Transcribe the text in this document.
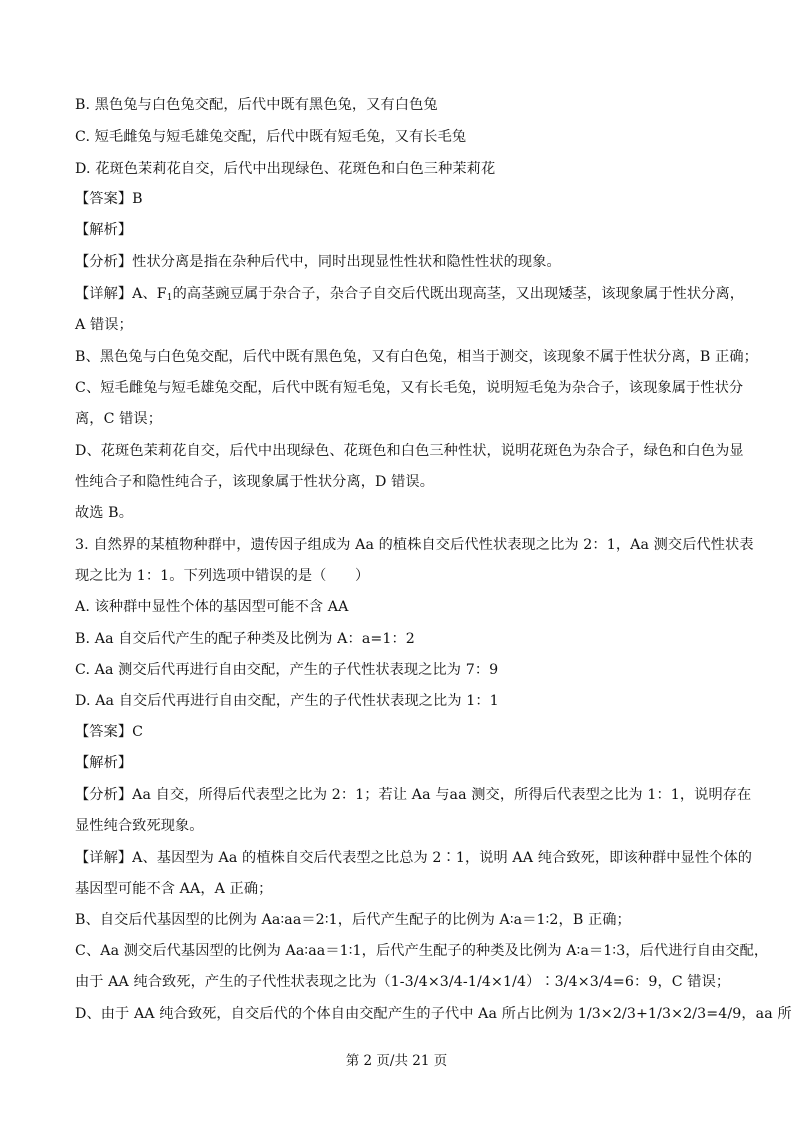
B. 黑色兔与白色兔交配，后代中既有黑色兔，又有白色兔
C. 短毛雌兔与短毛雄兔交配，后代中既有短毛兔，又有长毛兔
D. 花斑色茉莉花自交，后代中出现绿色、花斑色和白色三种茉莉花
【答案】B
【解析】
【分析】性状分离是指在杂种后代中，同时出现显性性状和隐性性状的现象。
【详解】A、$F_1$的高茎豌豆属于杂合子，杂合子自交后代既出现高茎，又出现矮茎，该现象属于性状分离，
A 错误；
B、黑色兔与白色兔交配，后代中既有黑色兔，又有白色兔，相当于测交，该现象不属于性状分离，B 正确；
C、短毛雌兔与短毛雄兔交配，后代中既有短毛兔，又有长毛兔，说明短毛兔为杂合子，该现象属于性状分
离，C 错误；
D、花斑色茉莉花自交，后代中出现绿色、花斑色和白色三种性状，说明花斑色为杂合子，绿色和白色为显
性纯合子和隐性纯合子，该现象属于性状分离，D 错误。
故选 B。
3. 自然界的某植物种群中，遗传因子组成为 Aa 的植株自交后代性状表现之比为 2：1，Aa 测交后代性状表
现之比为 1：1。下列选项中错误的是（　　）
A. 该种群中显性个体的基因型可能不含 AA
B. Aa 自交后代产生的配子种类及比例为 A：a=1：2
C. Aa 测交后代再进行自由交配，产生的子代性状表现之比为 7：9
D. Aa 自交后代再进行自由交配，产生的子代性状表现之比为 1：1
【答案】C
【解析】
【分析】Aa 自交，所得后代表型之比为 2：1；若让 Aa 与aa 测交，所得后代表型之比为 1：1，说明存在
显性纯合致死现象。
【详解】A、基因型为 Aa 的植株自交后代表型之比总为 2∶1，说明 AA 纯合致死，即该种群中显性个体的
基因型可能不含 AA，A 正确；
B、自交后代基因型的比例为 Aa∶aa＝2∶1，后代产生配子的比例为 A∶a＝1∶2，B 正确；
C、Aa 测交后代基因型的比例为 Aa∶aa＝1∶1，后代产生配子的种类及比例为 A∶a＝1∶3，后代进行自由交配，
由于 AA 纯合致死，产生的子代性状表现之比为（1-3/4×3/4-1/4×1/4）∶3/4×3/4=6：9，C 错误；
D、由于 AA 纯合致死，自交后代的个体自由交配产生的子代中 Aa 所占比例为 1/3×2/3+1/3×2/3=4/9，aa 所
第 2 页/共 21 页
